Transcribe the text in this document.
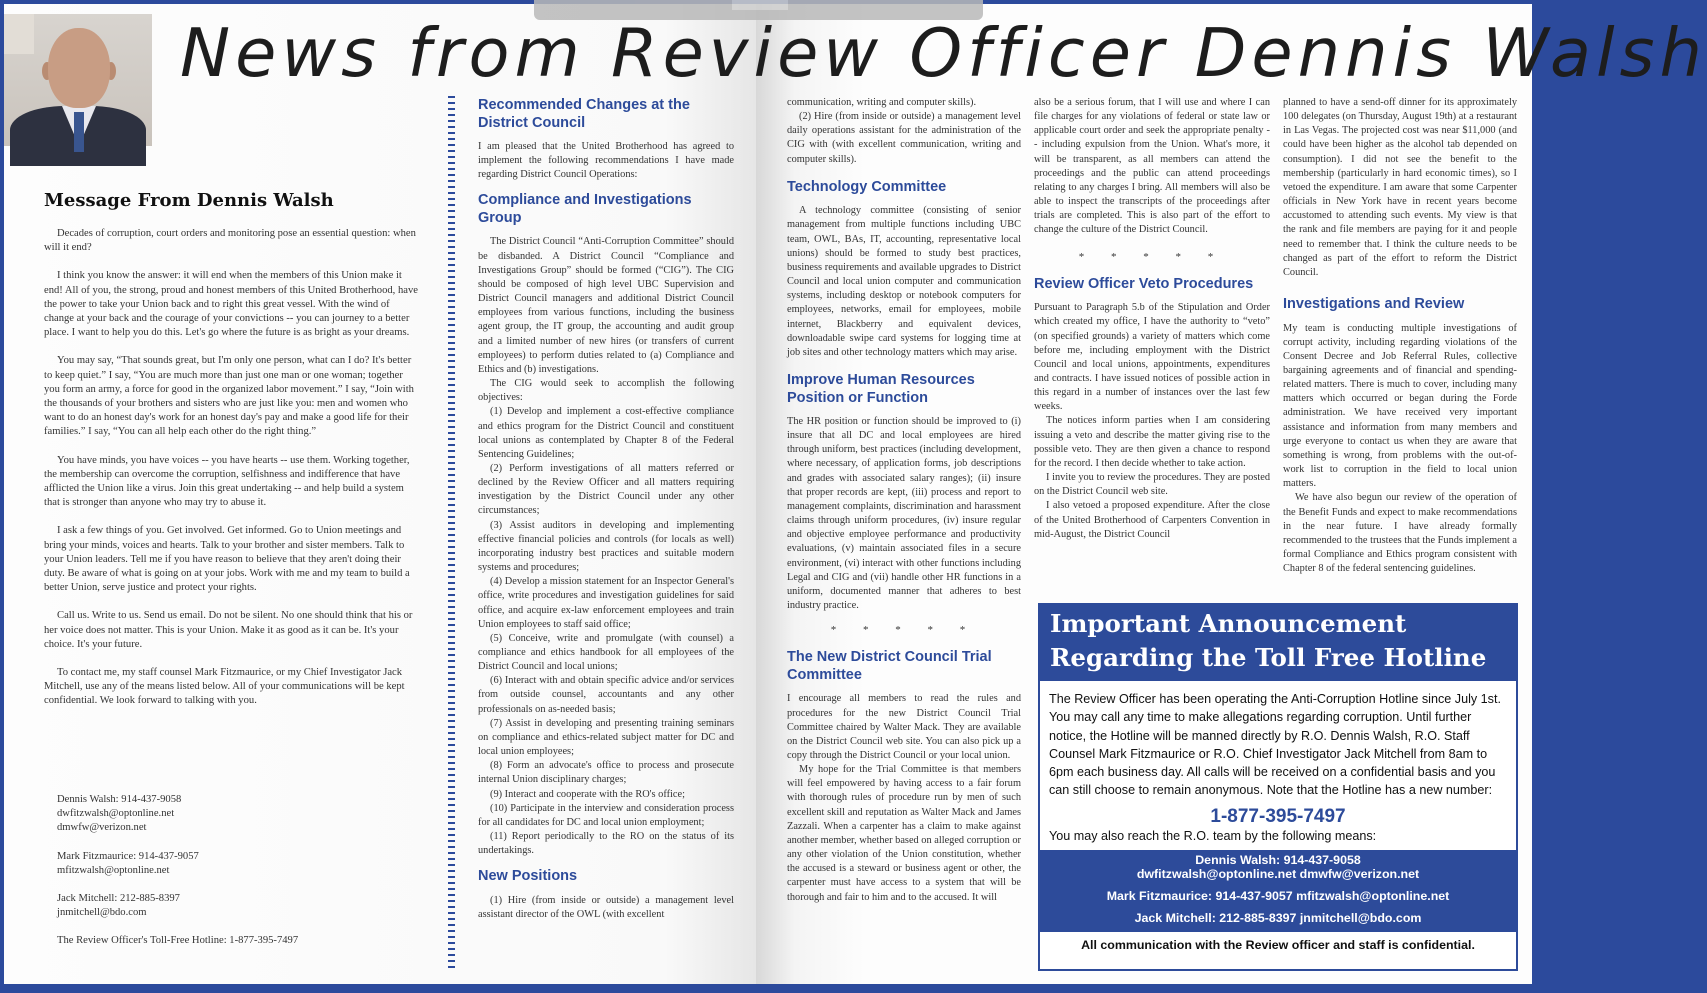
News from Review Officer Dennis Walsh
Message From Dennis Walsh

Decades of corruption, court orders and monitoring pose an essential question: when will it end?

I think you know the answer: it will end when the members of this Union make it end! All of you, the strong, proud and honest members of this United Brotherhood, have the power to take your Union back and to right this great vessel. With the wind of change at your back and the courage of your convictions -- you can journey to a better place. I want to help you do this. Let's go where the future is as bright as your dreams.

You may say, “That sounds great, but I'm only one person, what can I do? It's better to keep quiet.” I say, “You are much more than just one man or one woman; together you form an army, a force for good in the organized labor movement.” I say, “Join with the thousands of your brothers and sisters who are just like you: men and women who want to do an honest day's work for an honest day's pay and make a good life for their families.” I say, “You can all help each other do the right thing.”

You have minds, you have voices -- you have hearts -- use them. Working together, the membership can overcome the corruption, selfishness and indifference that have afflicted the Union like a virus. Join this great undertaking -- and help build a system that is stronger than anyone who may try to abuse it.

I ask a few things of you. Get involved. Get informed. Go to Union meetings and bring your minds, voices and hearts. Talk to your brother and sister members. Talk to your Union leaders. Tell me if you have reason to believe that they aren't doing their duty. Be aware of what is going on at your jobs. Work with me and my team to build a better Union, serve justice and protect your rights.

Call us. Write to us. Send us email. Do not be silent. No one should think that his or her voice does not matter. This is your Union. Make it as good as it can be. It's your choice. It's your future.

To contact me, my staff counsel Mark Fitzmaurice, or my Chief Investigator Jack Mitchell, use any of the means listed below. All of your communications will be kept confidential. We look forward to talking with you.

Dennis Walsh: 914-437-9058
dwfitzwalsh@optonline.net
dmwfw@verizon.net
Mark Fitzmaurice: 914-437-9057
mfitzwalsh@optonline.net
Jack Mitchell: 212-885-8397
jnmitchell@bdo.com
The Review Officer's Toll-Free Hotline: 1-877-395-7497
Recommended Changes at the District Council

I am pleased that the United Brotherhood has agreed to implement the following recommendations I have made regarding District Council Operations:

Compliance and Investigations Group

The District Council “Anti-Corruption Committee” should be disbanded. A District Council “Compliance and Investigations Group” should be formed (“CIG”). The CIG should be composed of high level UBC Supervision and District Council managers and additional District Council employees from various functions, including the business agent group, the IT group, the accounting and audit group and a limited number of new hires (or transfers of current employees) to perform duties related to (a) Compliance and Ethics and (b) investigations.

The CIG would seek to accomplish the following objectives:

(1) Develop and implement a cost-effective compliance and ethics program for the District Council and constituent local unions as contemplated by Chapter 8 of the Federal Sentencing Guidelines;

(2) Perform investigations of all matters referred or declined by the Review Officer and all matters requiring investigation by the District Council under any other circumstances;

(3) Assist auditors in developing and implementing effective financial policies and controls (for locals as well) incorporating industry best practices and suitable modern systems and procedures;

(4) Develop a mission statement for an Inspector General's office, write procedures and investigation guidelines for said office, and acquire ex-law enforcement employees and train Union employees to staff said office;

(5) Conceive, write and promulgate (with counsel) a compliance and ethics handbook for all employees of the District Council and local unions;

(6) Interact with and obtain specific advice and/or services from outside counsel, accountants and any other professionals on as-needed basis;

(7) Assist in developing and presenting training seminars on compliance and ethics-related subject matter for DC and local union employees;

(8) Form an advocate's office to process and prosecute internal Union disciplinary charges;

(9) Interact and cooperate with the RO's office;

(10) Participate in the interview and consideration process for all candidates for DC and local union employment;

(11) Report periodically to the RO on the status of its undertakings.

New Positions

(1) Hire (from inside or outside) a management level assistant director of the OWL (with excellent

communication, writing and computer skills).

(2) Hire (from inside or outside) a management level daily operations assistant for the administration of the CIG with (with excellent communication, writing and computer skills).

Technology Committee

A technology committee (consisting of senior management from multiple functions including UBC team, OWL, BAs, IT, accounting, representative local unions) should be formed to study best practices, business requirements and available upgrades to District Council and local union computer and communication systems, including desktop or notebook computers for employees, networks, email for employees, mobile internet, Blackberry and equivalent devices, downloadable swipe card systems for logging time at job sites and other technology matters which may arise.

Improve Human Resources Position or Function

The HR position or function should be improved to (i) insure that all DC and local employees are hired through uniform, best practices (including development, where necessary, of application forms, job descriptions and grades with associated salary ranges); (ii) insure that proper records are kept, (iii) process and report to management complaints, discrimination and harassment claims through uniform procedures, (iv) insure regular and objective employee performance and productivity evaluations, (v) maintain associated files in a secure environment, (vi) interact with other functions including Legal and CIG and (vii) handle other HR functions in a uniform, documented manner that adheres to best industry practice.

* * * * *
The New District Council Trial Committee

I encourage all members to read the rules and procedures for the new District Council Trial Committee chaired by Walter Mack. They are available on the District Council web site. You can also pick up a copy through the District Council or your local union.

My hope for the Trial Committee is that members will feel empowered by having access to a fair forum with thorough rules of procedure run by men of such excellent skill and reputation as Walter Mack and James Zazzali. When a carpenter has a claim to make against another member, whether based on alleged corruption or any other violation of the Union constitution, whether the accused is a steward or business agent or other, the carpenter must have access to a system that will be thorough and fair to him and to the accused. It will

also be a serious forum, that I will use and where I can file charges for any violations of federal or state law or applicable court order and seek the appropriate penalty -- including expulsion from the Union. What's more, it will be transparent, as all members can attend the proceedings and the public can attend proceedings relating to any charges I bring. All members will also be able to inspect the transcripts of the proceedings after trials are completed. This is also part of the effort to change the culture of the District Council.

* * * * *
Review Officer Veto Procedures

Pursuant to Paragraph 5.b of the Stipulation and Order which created my office, I have the authority to “veto” (on specified grounds) a variety of matters which come before me, including employment with the District Council and local unions, appointments, expenditures and contracts. I have issued notices of possible action in this regard in a number of instances over the last few weeks.

The notices inform parties when I am considering issuing a veto and describe the matter giving rise to the possible veto. They are then given a chance to respond for the record. I then decide whether to take action.

I invite you to review the procedures. They are posted on the District Council web site.

I also vetoed a proposed expenditure. After the close of the United Brotherhood of Carpenters Convention in mid-August, the District Council

planned to have a send-off dinner for its approximately 100 delegates (on Thursday, August 19th) at a restaurant in Las Vegas. The projected cost was near $11,000 (and could have been higher as the alcohol tab depended on consumption). I did not see the benefit to the membership (particularly in hard economic times), so I vetoed the expenditure. I am aware that some Carpenter officials in New York have in recent years become accustomed to attending such events. My view is that the rank and file members are paying for it and people need to remember that. I think the culture needs to be changed as part of the effort to reform the District Council.

Investigations and Review

My team is conducting multiple investigations of corrupt activity, including regarding violations of the Consent Decree and Job Referral Rules, collective bargaining agreements and of financial and spending-related matters. There is much to cover, including many matters which occurred or began during the Forde administration. We have received very important assistance and information from many members and urge everyone to contact us when they are aware that something is wrong, from problems with the out-of-work list to corruption in the field to local union matters.

We have also begun our review of the operation of the Benefit Funds and expect to make recommendations in the near future. I have already formally recommended to the trustees that the Funds implement a formal Compliance and Ethics program consistent with Chapter 8 of the federal sentencing guidelines.

Important Announcement
Regarding the Toll Free Hotline
The Review Officer has been operating the Anti-Corruption Hotline since July 1st. You may call any time to make allegations regarding corruption. Until further notice, the Hotline will be manned directly by R.O. Dennis Walsh, R.O. Staff Counsel Mark Fitzmaurice or R.O. Chief Investigator Jack Mitchell from 8am to 6pm each business day. All calls will be received on a confidential basis and you can still choose to remain anonymous. Note that the Hotline has a new number:
1-877-395-7497
You may also reach the R.O. team by the following means:
Dennis Walsh: 914-437-9058
dwfitzwalsh@optonline.net dmwfw@verizon.net
Mark Fitzmaurice: 914-437-9057 mfitzwalsh@optonline.net
Jack Mitchell: 212-885-8397 jnmitchell@bdo.com
All communication with the Review officer and staff is confidential.
